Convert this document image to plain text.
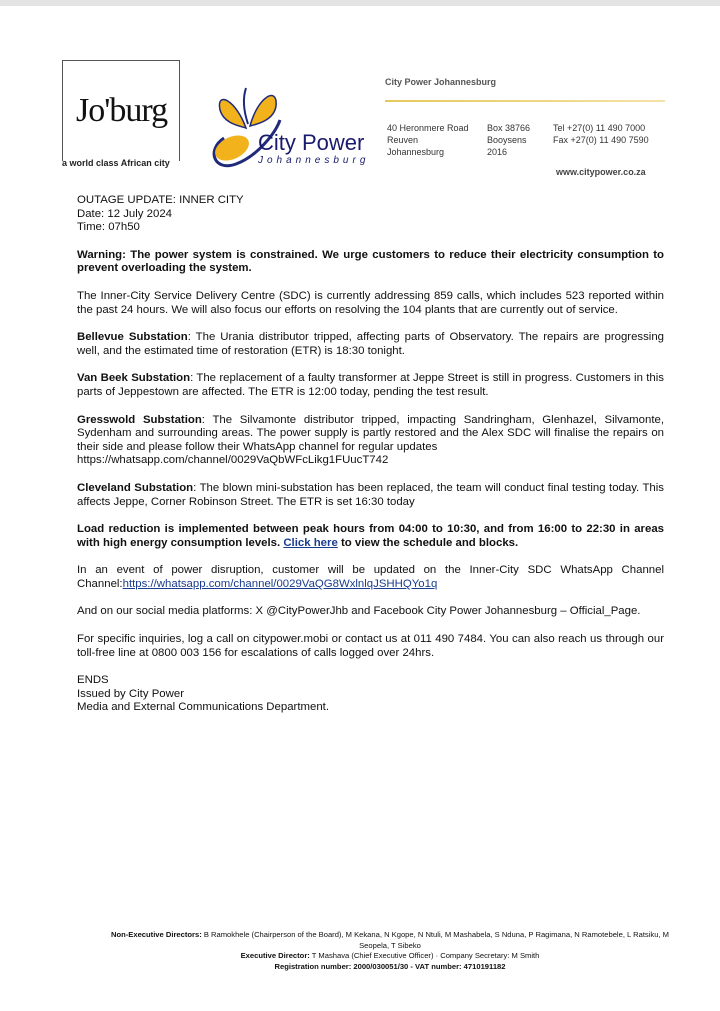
Jo'burg
a world class African city
City Power
Johannesburg
City Power Johannesburg
40 Heronmere Road
Reuven
Johannesburg
Box 38766
Booysens
2016
Tel +27(0) 11 490 7000
Fax +27(0) 11 490 7590
www.citypower.co.za

OUTAGE UPDATE: INNER CITY

Date: 12 July 2024

Time: 07h50

Warning: The power system is constrained. We urge customers to reduce their electricity consumption to prevent overloading the system.

The Inner-City Service Delivery Centre (SDC) is currently addressing 859 calls, which includes 523 reported within the past 24 hours. We will also focus our efforts on resolving the 104 plants that are currently out of service.

Bellevue Substation: The Urania distributor tripped, affecting parts of Observatory. The repairs are progressing well, and the estimated time of restoration (ETR) is 18:30 tonight.

Van Beek Substation: The replacement of a faulty transformer at Jeppe Street is still in progress. Customers in this parts of Jeppestown are affected. The ETR is 12:00 today, pending the test result.

Gresswold Substation: The Silvamonte distributor tripped, impacting Sandringham, Glenhazel, Silvamonte, Sydenham and surrounding areas. The power supply is partly restored and the Alex SDC will finalise the repairs on their side and please follow their WhatsApp channel for regular updates
https://whatsapp.com/channel/0029VaQbWFcLikg1FUucT742

Cleveland Substation: The blown mini-substation has been replaced, the team will conduct final testing today. This affects Jeppe, Corner Robinson Street. The ETR is set 16:30 today

Load reduction is implemented between peak hours from 04:00 to 10:30, and from 16:00 to 22:30 in areas with high energy consumption levels. Click here to view the schedule and blocks.

In an event of power disruption, customer will be updated on the Inner-City SDC WhatsApp Channel Channel:https://whatsapp.com/channel/0029VaQG8WxlnlqJSHHQYo1q

And on our social media platforms: X @CityPowerJhb and Facebook City Power Johannesburg – Official_Page.

For specific inquiries, log a call on citypower.mobi or contact us at 011 490 7484. You can also reach us through our toll-free line at 0800 003 156 for escalations of calls logged over 24hrs.

ENDS

Issued by City Power

Media and External Communications Department.

Non-Executive Directors: B Ramokhele (Chairperson of the Board), M Kekana, N Kgope, N Ntuli, M Mashabela, S Nduna, P Ragimana, N Ramotebele, L Ratsiku, M Seopela, T Sibeko
Executive Director: T Mashava (Chief Executive Officer) · Company Secretary: M Smith
Registration number: 2000/030051/30 - VAT number: 4710191182
